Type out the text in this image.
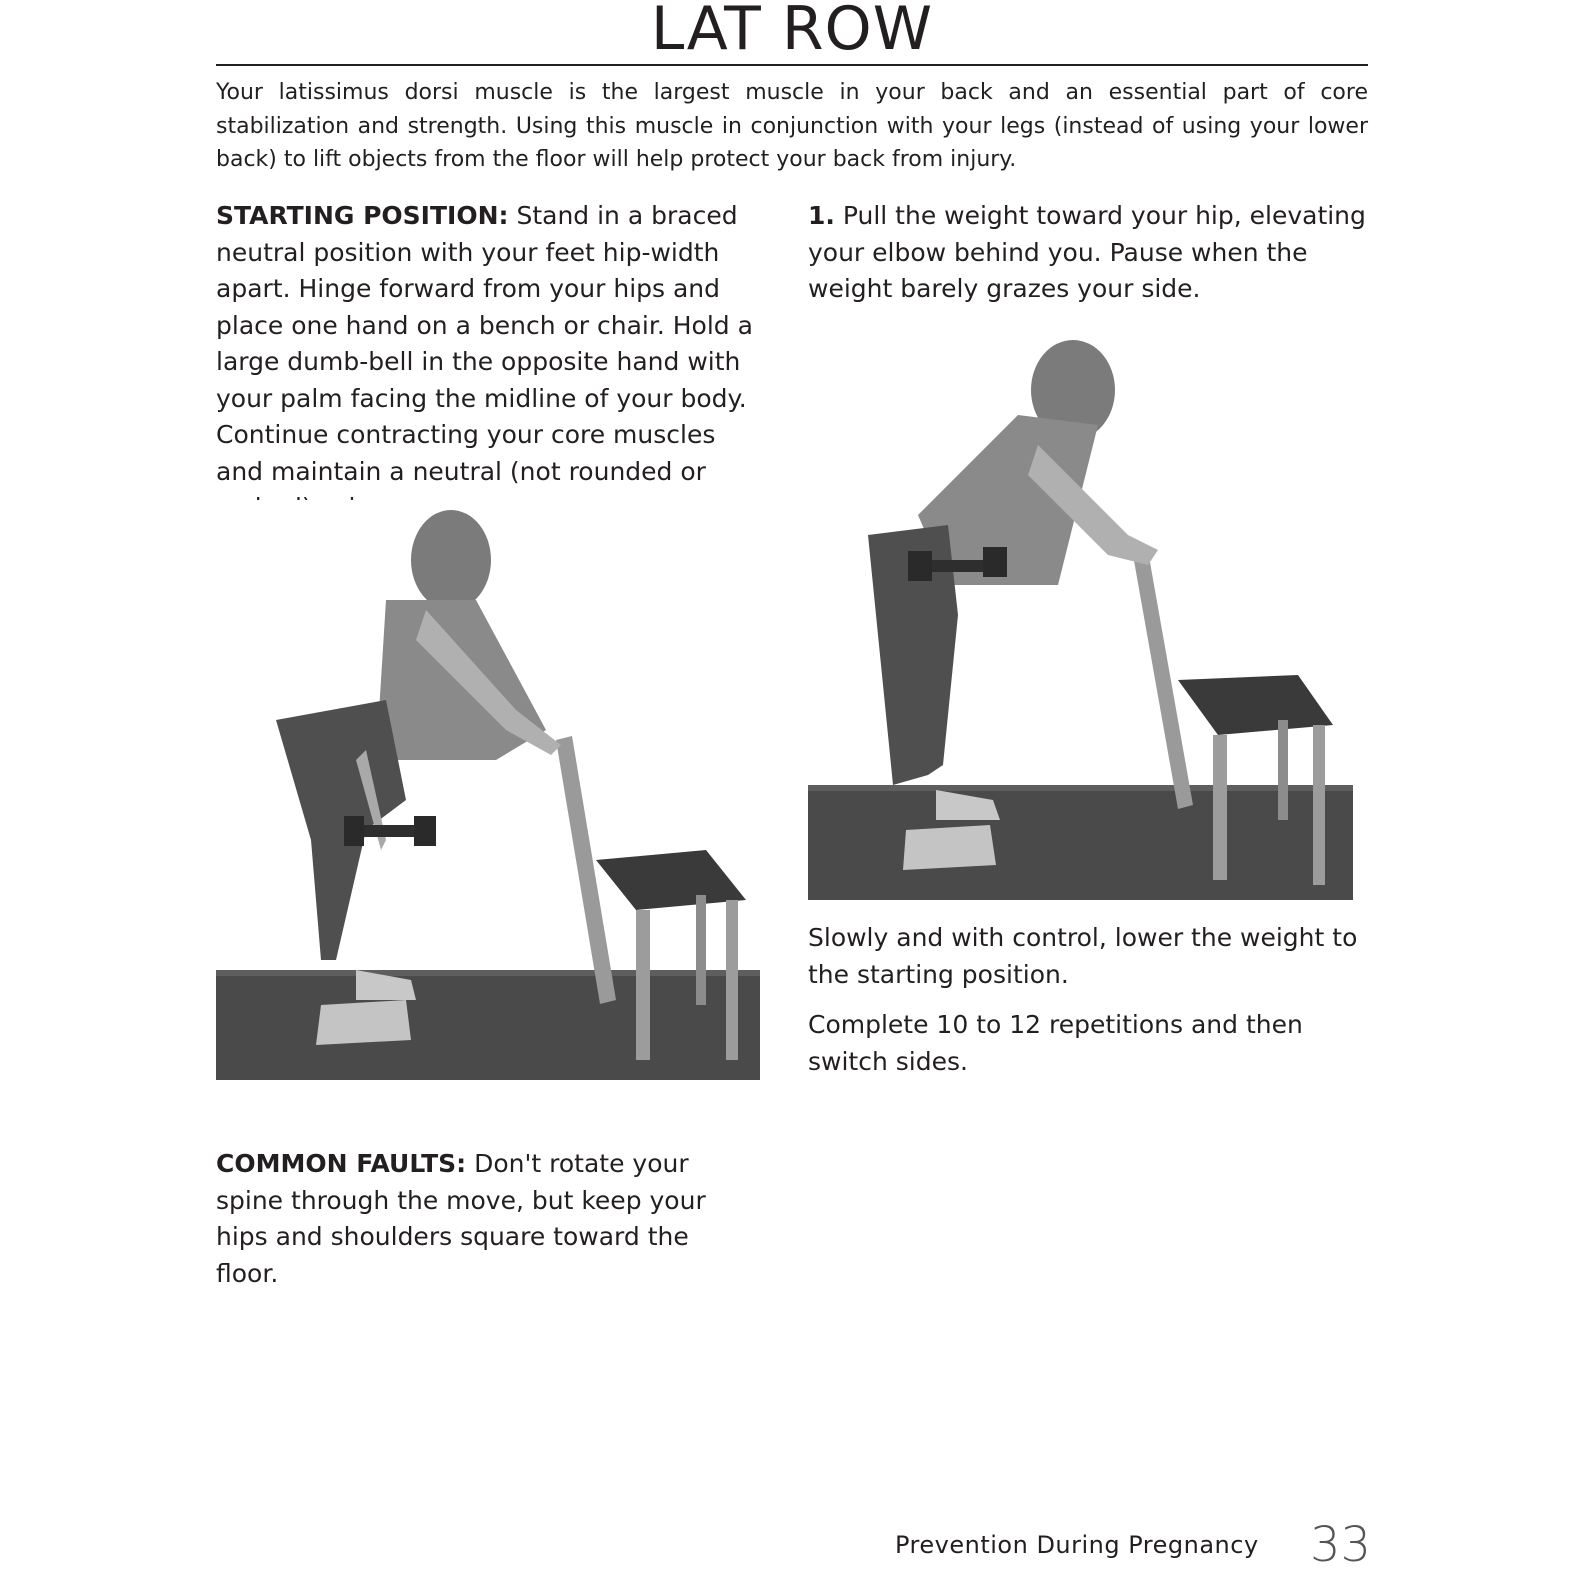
LAT ROW

Your latissimus dorsi muscle is the largest muscle in your back and an essential part of core stabilization and strength. Using this muscle in conjunction with your legs (instead of using your lower back) to lift objects from the floor will help protect your back from injury.

STARTING POSITION: Stand in a braced neutral position with your feet hip-width apart. Hinge forward from your hips and place one hand on a bench or chair. Hold a large dumb-bell in the opposite hand with your palm facing the midline of your body. Continue contracting your core muscles and maintain a neutral (not rounded or

1. Pull the weight toward your hip, elevating your elbow behind you. Pause when the weight barely grazes your side.

Slowly and with control, lower the weight to the starting position.

Complete 10 to 12 repetitions and then switch sides.

COMMON FAULTS: Don't rotate your spine through the move, but keep your hips and shoulders square toward the floor.

Prevention During Pregnancy 33
